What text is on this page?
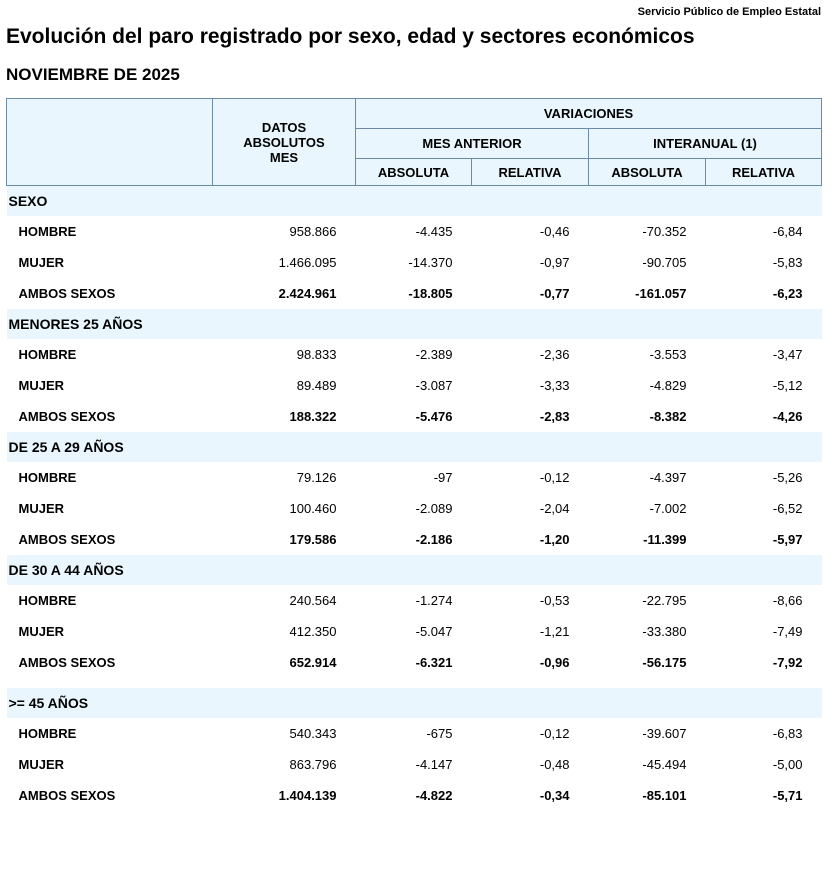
Servicio Público de Empleo Estatal
Evolución del paro registrado por sexo, edad y sectores económicos
NOVIEMBRE DE 2025

	DATOS
ABSOLUTOS
MES	VARIACIONES			
		MES ANTERIOR		INTERANUAL (1)	
		ABSOLUTA	RELATIVA	ABSOLUTA	RELATIVA
SEXO					
HOMBRE	958.866	-4.435	-0,46	-70.352	-6,84
MUJER	1.466.095	-14.370	-0,97	-90.705	-5,83
AMBOS SEXOS	2.424.961	-18.805	-0,77	-161.057	-6,23
MENORES 25 AÑOS					
HOMBRE	98.833	-2.389	-2,36	-3.553	-3,47
MUJER	89.489	-3.087	-3,33	-4.829	-5,12
AMBOS SEXOS	188.322	-5.476	-2,83	-8.382	-4,26
DE 25 A 29 AÑOS					
HOMBRE	79.126	-97	-0,12	-4.397	-5,26
MUJER	100.460	-2.089	-2,04	-7.002	-6,52
AMBOS SEXOS	179.586	-2.186	-1,20	-11.399	-5,97
DE 30 A 44 AÑOS					
HOMBRE	240.564	-1.274	-0,53	-22.795	-8,66
MUJER	412.350	-5.047	-1,21	-33.380	-7,49
AMBOS SEXOS	652.914	-6.321	-0,96	-56.175	-7,92

>= 45 AÑOS					
HOMBRE	540.343	-675	-0,12	-39.607	-6,83
MUJER	863.796	-4.147	-0,48	-45.494	-5,00
AMBOS SEXOS	1.404.139	-4.822	-0,34	-85.101	-5,71
